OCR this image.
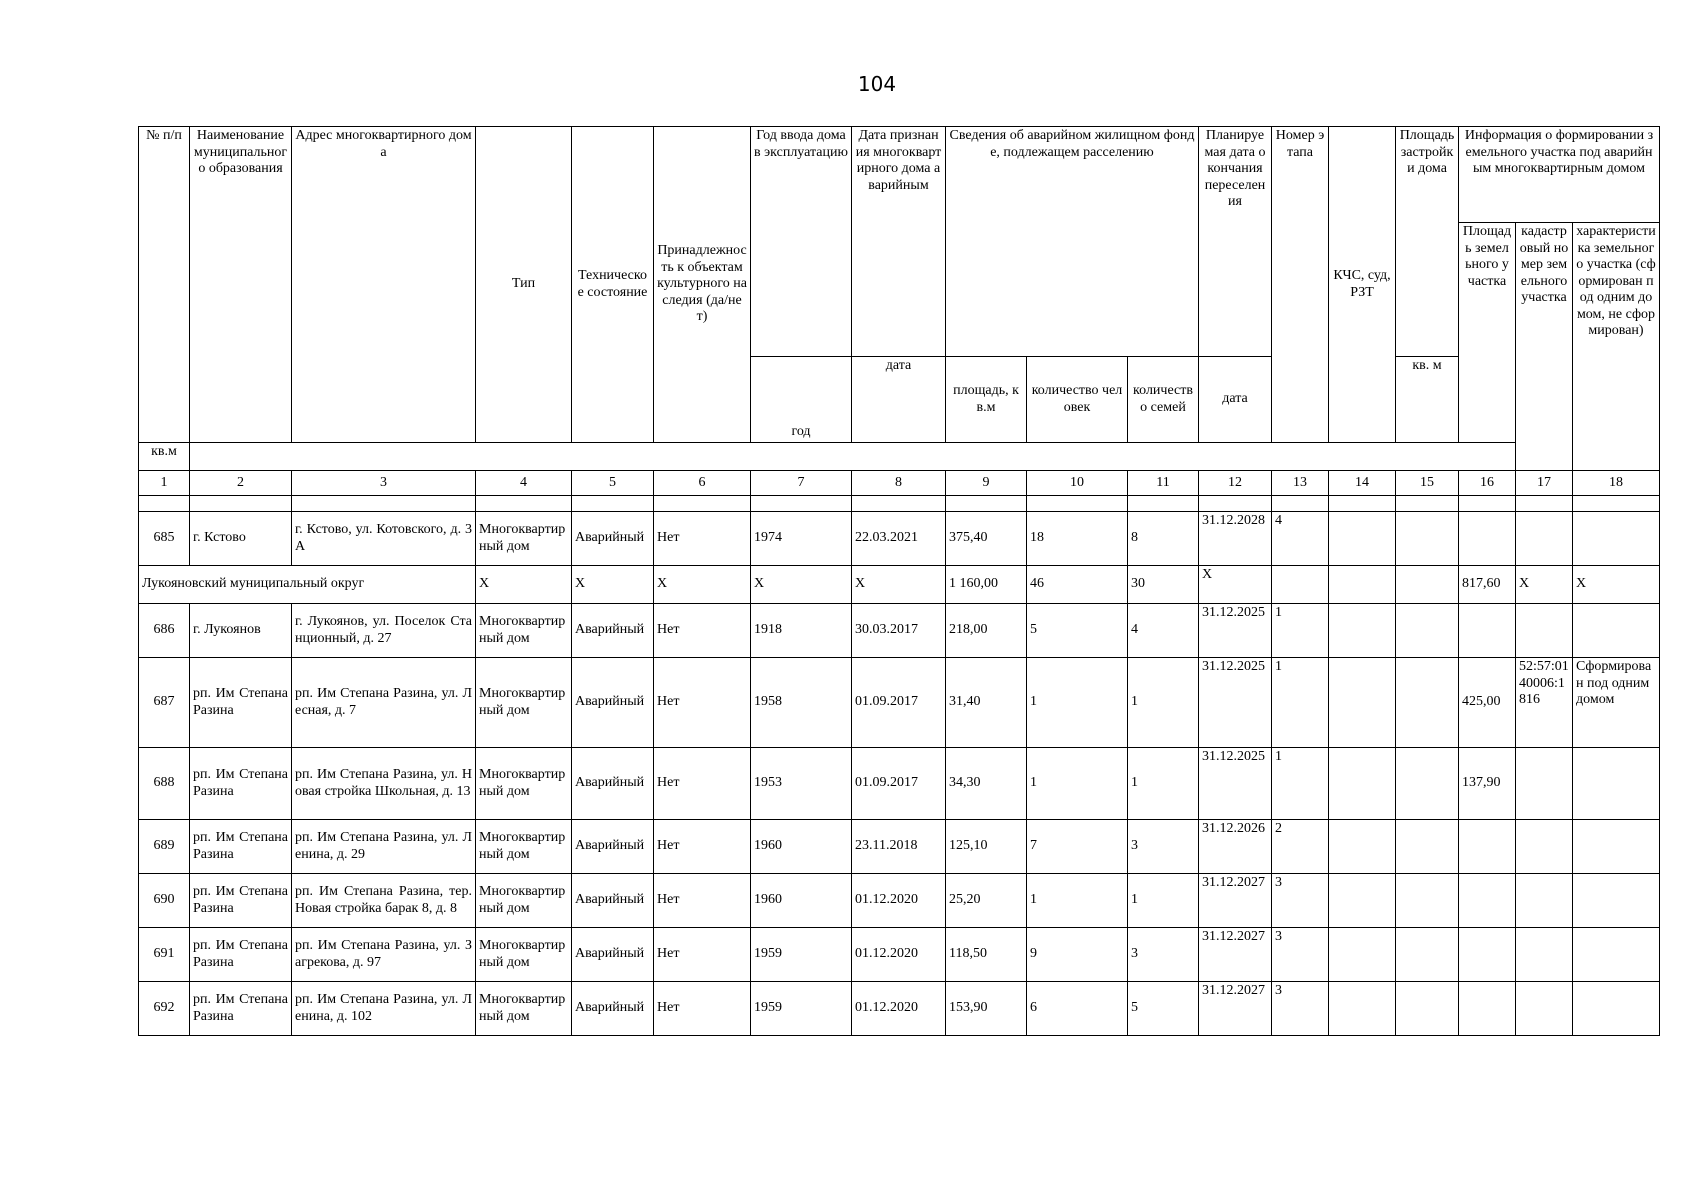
104
№ п/п	Наименование муниципального образования	Адрес многоквартирного дома	Тип	Техническое состояние	Принадлежность к объектам культурного наследия (да/нет)	Год ввода дома в эксплуатацию	Дата признания многоквартирного дома аварийным	Сведения об аварийном жилищном фонде, подлежащем расселению			Планируемая дата окончания переселения	Номер этапа	КЧС, суд, РЗТ	Площадь застройки дома	Информация о формировании земельного участка под аварийным многоквартирным домом		
															Площадь земельного участка	кадастровый номер земельного участка	характеристика земельного участка (сформирован под одним домом, не сформирован)
						год	дата	площадь, кв.м	количество человек	количество семей	дата			кв. м			
кв.м																	
1	2	3	4	5	6	7	8	9	10	11	12	13	14	15	16	17	18

685	г. Кстово	г. Кстово, ул. Котовского, д. 3 А	Многоквартирный дом	Аварийный	Нет	1974	22.03.2021	375,40	18	8	31.12.2028	4					
Лукояновский муниципальный округ			X	X	X	X	X	1 160,00	46	30	X				817,60	X	X
686	г. Лукоянов	г. Лукоянов, ул. Поселок Станционный, д. 27	Многоквартирный дом	Аварийный	Нет	1918	30.03.2017	218,00	5	4	31.12.2025	1					
687	рп. Им Степана Разина	рп. Им Степана Разина, ул. Лесная, д. 7	Многоквартирный дом	Аварийный	Нет	1958	01.09.2017	31,40	1	1	31.12.2025	1			425,00	52:57:0140006:1816	Сформирован под одним домом
688	рп. Им Степана Разина	рп. Им Степана Разина, ул. Новая стройка Школьная, д. 13	Многоквартирный дом	Аварийный	Нет	1953	01.09.2017	34,30	1	1	31.12.2025	1			137,90		
689	рп. Им Степана Разина	рп. Им Степана Разина, ул. Ленина, д. 29	Многоквартирный дом	Аварийный	Нет	1960	23.11.2018	125,10	7	3	31.12.2026	2					
690	рп. Им Степана Разина	рп. Им Степана Разина, тер. Новая стройка барак 8, д. 8	Многоквартирный дом	Аварийный	Нет	1960	01.12.2020	25,20	1	1	31.12.2027	3					
691	рп. Им Степана Разина	рп. Им Степана Разина, ул. Загрекова, д. 97	Многоквартирный дом	Аварийный	Нет	1959	01.12.2020	118,50	9	3	31.12.2027	3					
692	рп. Им Степана Разина	рп. Им Степана Разина, ул. Ленина, д. 102	Многоквартирный дом	Аварийный	Нет	1959	01.12.2020	153,90	6	5	31.12.2027	3					
